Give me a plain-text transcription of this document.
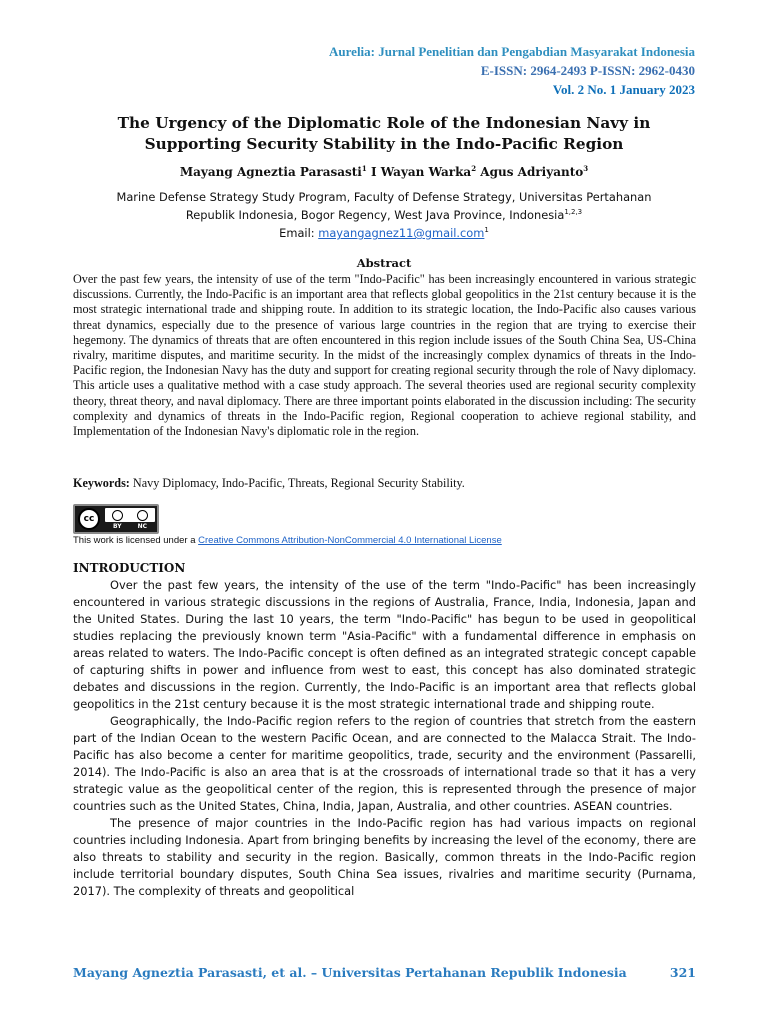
Aurelia: Jurnal Penelitian dan Pengabdian Masyarakat Indonesia
E-ISSN: 2964-2493 P-ISSN: 2962-0430
Vol. 2 No. 1 January 2023
The Urgency of the Diplomatic Role of the Indonesian Navy in
Supporting Security Stability in the Indo-Pacific Region
Mayang Agneztia Parasasti$^1$ I Wayan Warka$^2$ Agus Adriyanto$^3$
Marine Defense Strategy Study Program, Faculty of Defense Strategy, Universitas Pertahanan
Republik Indonesia, Bogor Regency, West Java Province, Indonesia$^{1,2,3}$
Email: mayangagnez11@gmail.com$^1$
Abstract
Over the past few years, the intensity of use of the term "Indo-Pacific" has been increasingly encountered in various strategic discussions. Currently, the Indo-Pacific is an important area that reflects global geopolitics in the 21st century because it is the most strategic international trade and shipping route. In addition to its strategic location, the Indo-Pacific also causes various threat dynamics, especially due to the presence of various large countries in the region that are trying to exercise their hegemony. The dynamics of threats that are often encountered in this region include issues of the South China Sea, US-China rivalry, maritime disputes, and maritime security. In the midst of the increasingly complex dynamics of threats in the Indo-Pacific region, the Indonesian Navy has the duty and support for creating regional security through the role of Navy diplomacy. This article uses a qualitative method with a case study approach. The several theories used are regional security complexity theory, threat theory, and naval diplomacy. There are three important points elaborated in the discussion including: The security complexity and dynamics of threats in the Indo-Pacific region, Regional cooperation to achieve regional stability, and Implementation of the Indonesian Navy's diplomatic role in the region.
Keywords: Navy Diplomacy, Indo-Pacific, Threats, Regional Security Stability.
cc
BY	NC
This work is licensed under a Creative Commons Attribution-NonCommercial 4.0 International License
INTRODUCTION

Over the past few years, the intensity of the use of the term "Indo-Pacific" has been increasingly encountered in various strategic discussions in the regions of Australia, France, India, Indonesia, Japan and the United States. During the last 10 years, the term "Indo-Pacific" has begun to be used in geopolitical studies replacing the previously known term "Asia-Pacific" with a fundamental difference in emphasis on areas related to waters. The Indo-Pacific concept is often defined as an integrated strategic concept capable of capturing shifts in power and influence from west to east, this concept has also dominated strategic debates and discussions in the region. Currently, the Indo-Pacific is an important area that reflects global geopolitics in the 21st century because it is the most strategic international trade and shipping route.

Geographically, the Indo-Pacific region refers to the region of countries that stretch from the eastern part of the Indian Ocean to the western Pacific Ocean, and are connected to the Malacca Strait. The Indo-Pacific has also become a center for maritime geopolitics, trade, security and the environment (Passarelli, 2014). The Indo-Pacific is also an area that is at the crossroads of international trade so that it has a very strategic value as the geopolitical center of the region, this is represented through the presence of major countries such as the United States, China, India, Japan, Australia, and other countries. ASEAN countries.

The presence of major countries in the Indo-Pacific region has had various impacts on regional countries including Indonesia. Apart from bringing benefits by increasing the level of the economy, there are also threats to stability and security in the region. Basically, common threats in the Indo-Pacific region include territorial boundary disputes, South China Sea issues, rivalries and maritime security (Purnama, 2017). The complexity of threats and geopolitical

Mayang Agneztia Parasasti, et al. – Universitas Pertahanan Republik Indonesia	321
